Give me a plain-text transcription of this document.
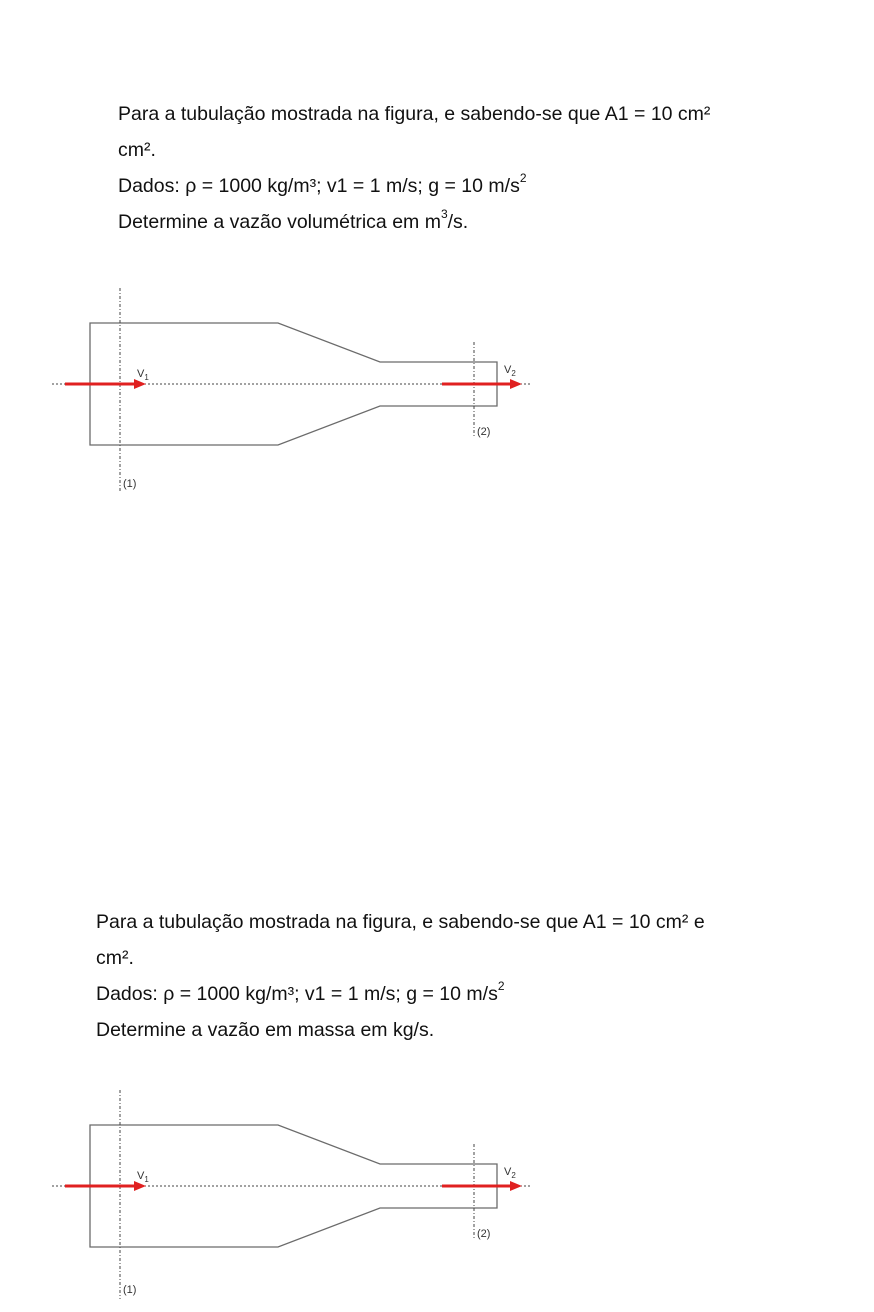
Para a tubulação mostrada na figura, e sabendo-se que A1 = 10 cm²
cm².
Dados: ρ = 1000 kg/m³; v1 = 1 m/s; g = 10 $m/s^2$
Determine a vazão volumétrica em $m^3/s$.
$V_1$
$V_2$
(2)
(1)
Para a tubulação mostrada na figura, e sabendo-se que A1 = 10 cm² e
cm².
Dados: ρ = 1000 kg/m³; v1 = 1 m/s; g = 10 $m/s^2$
Determine a vazão em massa em kg/s.
$V_1$
$V_2$
(2)
(1)
